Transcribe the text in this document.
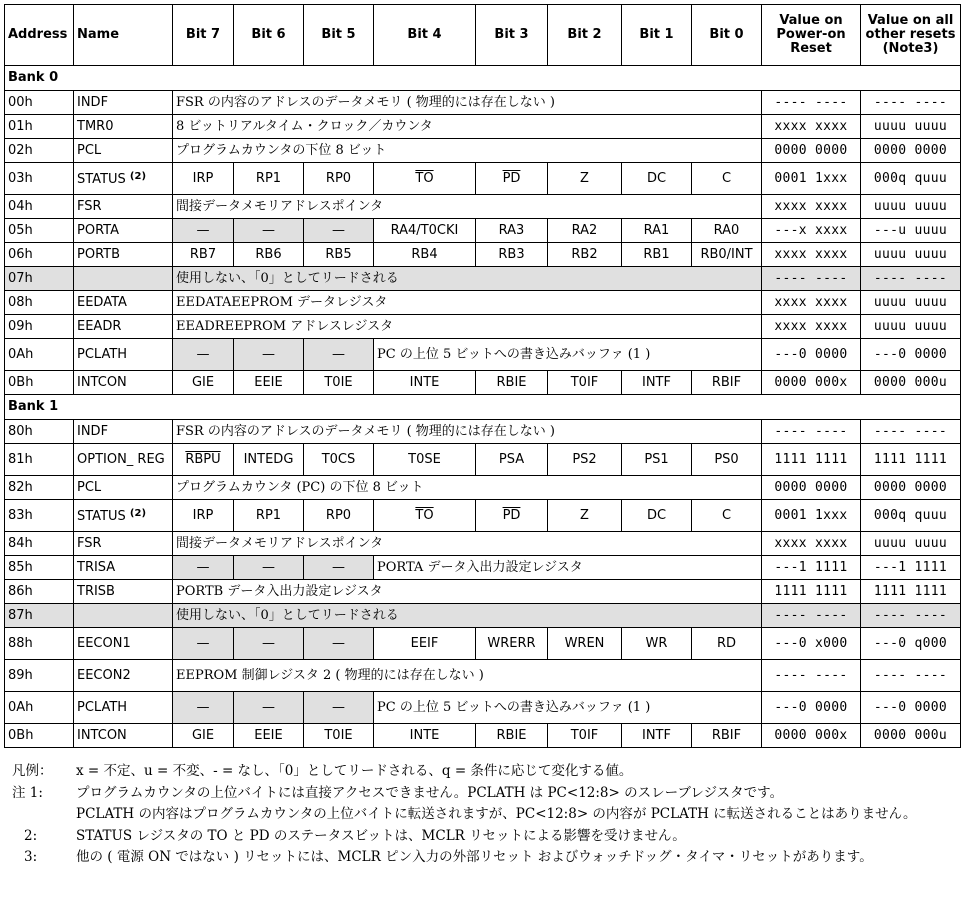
Address	Name	Bit 7	Bit 6	Bit 5	Bit 4	Bit 3	Bit 2	Bit 1	Bit 0	Value on Power-on Reset	Value on all other resets (Note3)
Bank 0											
00h	INDF	FSR の内容のアドレスのデータメモリ ( 物理的には存在しない )								---- ----	---- ----
01h	TMR0	8 ビットリアルタイム・クロック／カウンタ								xxxx xxxx	uuuu uuuu
02h	PCL	プログラムカウンタの下位 8 ビット								0000 0000	0000 0000
03h	STATUS $^{(2)}$	IRP	RP1	RP0	$\overline{TO}$	$\overline{PD}$	Z	DC	C	0001 1xxx	000q quuu
04h	FSR	間接データメモリアドレスポインタ								xxxx xxxx	uuuu uuuu
05h	PORTA	—	—	—	RA4/T0CKI	RA3	RA2	RA1	RA0	---x xxxx	---u uuuu
06h	PORTB	RB7	RB6	RB5	RB4	RB3	RB2	RB1	RB0/INT	xxxx xxxx	uuuu uuuu
07h		使用しない、「0」としてリードされる								---- ----	---- ----
08h	EEDATA	EEDATAEEPROM データレジスタ								xxxx xxxx	uuuu uuuu
09h	EEADR	EEADREEPROM アドレスレジスタ								xxxx xxxx	uuuu uuuu
0Ah	PCLATH	—	—	—	PC の上位 5 ビットへの書き込みバッファ (1 )					---0 0000	---0 0000
0Bh	INTCON	GIE	EEIE	T0IE	INTE	RBIE	T0IF	INTF	RBIF	0000 000x	0000 000u
Bank 1											
80h	INDF	FSR の内容のアドレスのデータメモリ ( 物理的には存在しない )								---- ----	---- ----
81h	OPTION_ REG	RBPU	INTEDG	T0CS	T0SE	PSA	PS2	PS1	PS0	1111 1111	1111 1111
82h	PCL	プログラムカウンタ (PC) の下位 8 ビット								0000 0000	0000 0000
83h	STATUS $^{(2)}$	IRP	RP1	RP0	$\overline{TO}$	$\overline{PD}$	Z	DC	C	0001 1xxx	000q quuu
84h	FSR	間接データメモリアドレスポインタ								xxxx xxxx	uuuu uuuu
85h	TRISA	—	—	—	PORTA データ入出力設定レジスタ					---1 1111	---1 1111
86h	TRISB	PORTB データ入出力設定レジスタ								1111 1111	1111 1111
87h		使用しない、「0」としてリードされる								---- ----	---- ----
88h	EECON1	—	—	—	EEIF	WRERR	WREN	WR	RD	---0 x000	---0 q000
89h	EECON2	EEPROM 制御レジスタ 2 ( 物理的には存在しない )								---- ----	---- ----
0Ah	PCLATH	—	—	—	PC の上位 5 ビットへの書き込みバッファ (1 )					---0 0000	---0 0000
0Bh	INTCON	GIE	EEIE	T0IE	INTE	RBIE	T0IF	INTF	RBIF	0000 000x	0000 000u
凡例：	x = 不定、u = 不変、- = なし、「0」としてリードされる、q = 条件に応じて変化する値。
注 1:	プログラムカウンタの上位バイトには直接アクセスできません。PCLATH は PC<12:8> のスレーブレジスタです。
PCLATH の内容はプログラムカウンタの上位バイトに転送されますが、PC<12:8> の内容が PCLATH に転送されることはありません。
2:	STATUS レジスタの TO と PD のステータスビットは、MCLR リセットによる影響を受けません。
3:	他の ( 電源 ON ではない ) リセットには、MCLR ピン入力の外部リセット およびウォッチドッグ・タイマ・リセットがあります。
